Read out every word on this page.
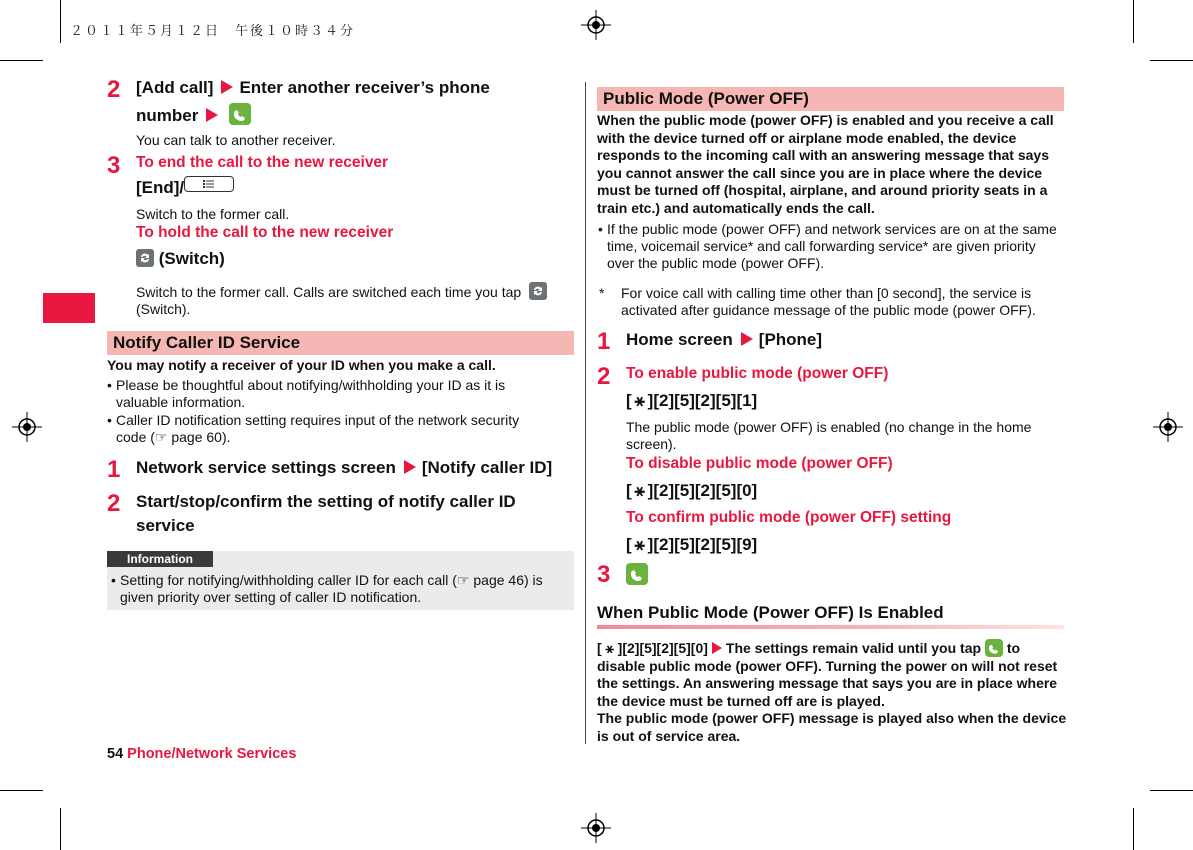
２０１１年５月１２日　午後１０時３４分
2 [Add call] Enter another receiver’s phone
number
You can talk to another receiver.
3 To end the call to the new receiver
[End]/
Switch to the former call.
To hold the call to the new receiver
(Switch)
Switch to the former call. Calls are switched each time you tap
(Switch).
Notify Caller ID Service
You may notify a receiver of your ID when you make a call.
• Please be thoughtful about notifying/withholding your ID as it is valuable information.
• Caller ID notification setting requires input of the network security code (☞ page 60).
1 Network service settings screen [Notify caller ID]
2 Start/stop/confirm the setting of notify caller ID
service
Information
• Setting for notifying/withholding caller ID for each call (☞ page 46) is given priority over setting of caller ID notification.
54 Phone/Network Services
Public Mode (Power OFF)
When the public mode (power OFF) is enabled and you receive a call with the device turned off or airplane mode enabled, the device responds to the incoming call with an answering message that says you cannot answer the call since you are in place where the device must be turned off (hospital, airplane, and around priority seats in a train etc.) and automatically ends the call.
• If the public mode (power OFF) and network services are on at the same time, voicemail service* and call forwarding service* are given priority over the public mode (power OFF).
* For voice call with calling time other than [0 second], the service is activated after guidance message of the public mode (power OFF).
1 Home screen [Phone]
2 To enable public mode (power OFF)
[ ⚹ ][2][5][2][5][1]
The public mode (power OFF) is enabled (no change in the home screen).
To disable public mode (power OFF)
[ ⚹ ][2][5][2][5][0]
To confirm public mode (power OFF) setting
[ ⚹ ][2][5][2][5][9]
3
When Public Mode (Power OFF) Is Enabled
[ ⚹ ][2][5][2][5][0] The settings remain valid until you tap to disable public mode (power OFF). Turning the power on will not reset the settings. An answering message that says you are in place where the device must be turned off are is played.
The public mode (power OFF) message is played also when the device is out of service area.
